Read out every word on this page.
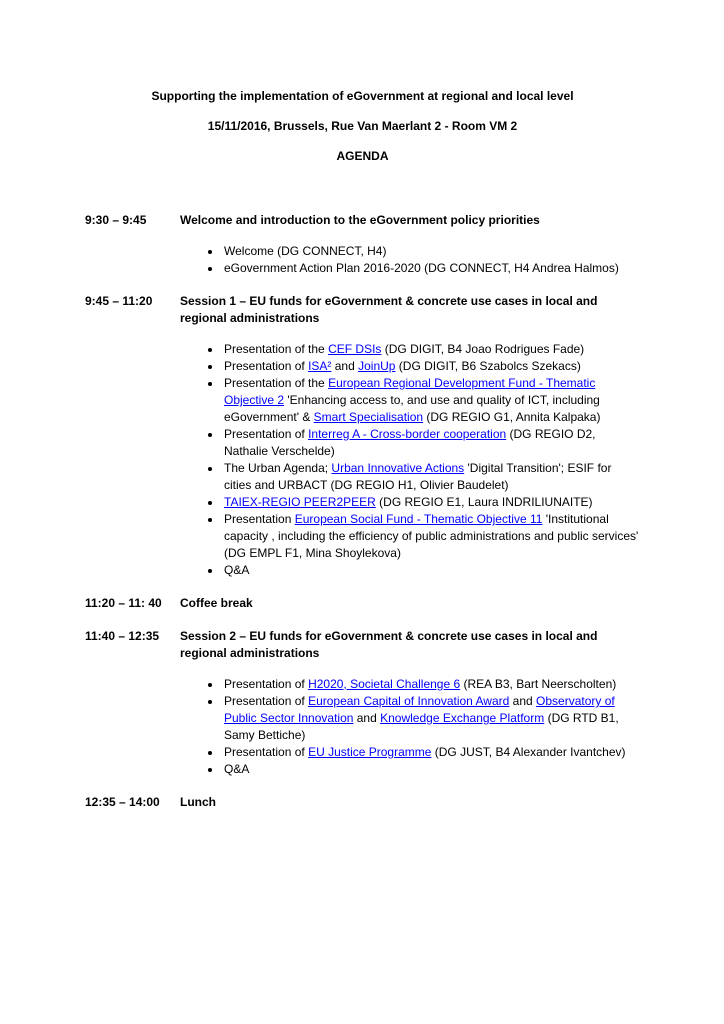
Supporting the implementation of eGovernment at regional and local level

15/11/2016, Brussels, Rue Van Maerlant 2 - Room VM 2

AGENDA

9:30 – 9:45	Welcome and introduction to the eGovernment policy priorities
• Welcome (DG CONNECT, H4)
• eGovernment Action Plan 2016-2020 (DG CONNECT, H4 Andrea Halmos)
9:45 – 11:20	Session 1 – EU funds for eGovernment & concrete use cases in local and regional administrations
• Presentation of the CEF DSIs (DG DIGIT, B4 Joao Rodrigues Fade)
• Presentation of ISA² and JoinUp (DG DIGIT, B6 Szabolcs Szekacs)
• Presentation of the European Regional Development Fund - Thematic Objective 2 'Enhancing access to, and use and quality of ICT, including eGovernment' & Smart Specialisation (DG REGIO G1, Annita Kalpaka)
• Presentation of Interreg A - Cross-border cooperation (DG REGIO D2, Nathalie Verschelde)
• The Urban Agenda; Urban Innovative Actions 'Digital Transition'; ESIF for cities and URBACT (DG REGIO H1, Olivier Baudelet)
• TAIEX-REGIO PEER2PEER (DG REGIO E1, Laura INDRILIUNAITE)
• Presentation European Social Fund - Thematic Objective 11 'Institutional capacity , including the efficiency of public administrations and public services' (DG EMPL F1, Mina Shoylekova)
• Q&A
11:20 – 11: 40	Coffee break
11:40 – 12:35	Session 2 – EU funds for eGovernment & concrete use cases in local and regional administrations
• Presentation of H2020, Societal Challenge 6 (REA B3, Bart Neerscholten)
• Presentation of European Capital of Innovation Award and Observatory of Public Sector Innovation and Knowledge Exchange Platform (DG RTD B1, Samy Bettiche)
• Presentation of EU Justice Programme (DG JUST, B4 Alexander Ivantchev)
• Q&A
12:35 – 14:00	Lunch
